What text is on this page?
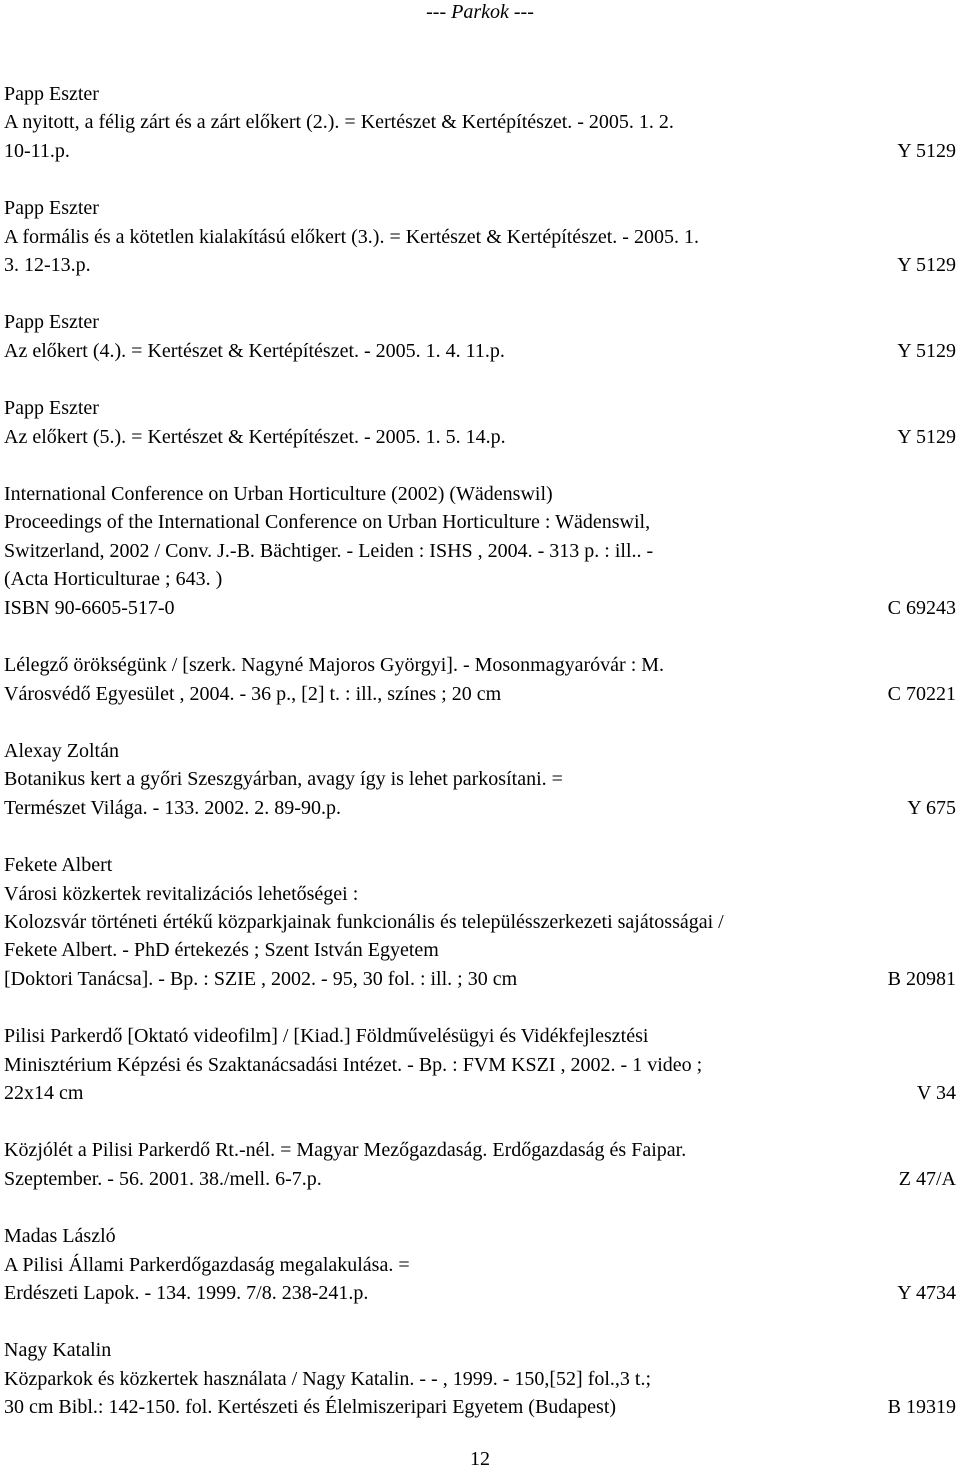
--- Parkok ---
Papp Eszter
A nyitott, a félig zárt és a zárt előkert (2.). = Kertészet & Kertépítészet. - 2005. 1. 2.
10-11.p.	Y 5129
Papp Eszter
A formális és a kötetlen kialakítású előkert (3.). = Kertészet & Kertépítészet. - 2005. 1.
3. 12-13.p.	Y 5129
Papp Eszter
Az előkert (4.). = Kertészet & Kertépítészet. - 2005. 1. 4. 11.p.	Y 5129
Papp Eszter
Az előkert (5.). = Kertészet & Kertépítészet. - 2005. 1. 5. 14.p.	Y 5129
International Conference on Urban Horticulture (2002) (Wädenswil)
Proceedings of the International Conference on Urban Horticulture : Wädenswil,
Switzerland, 2002 / Conv. J.-B. Bächtiger. - Leiden : ISHS , 2004. - 313 p. : ill.. -
(Acta Horticulturae ; 643. )
ISBN 90-6605-517-0	C 69243
Lélegző örökségünk / [szerk. Nagyné Majoros Györgyi]. - Mosonmagyaróvár : M.
Városvédő Egyesület , 2004. - 36 p., [2] t. : ill., színes ; 20 cm	C 70221
Alexay Zoltán
Botanikus kert a győri Szeszgyárban, avagy így is lehet parkosítani. =
Természet Világa. - 133. 2002. 2. 89-90.p.	Y 675
Fekete Albert
Városi közkertek revitalizációs lehetőségei :
Kolozsvár történeti értékű közparkjainak funkcionális és településszerkezeti sajátosságai /
Fekete Albert. - PhD értekezés ; Szent István Egyetem
[Doktori Tanácsa]. - Bp. : SZIE , 2002. - 95, 30 fol. : ill. ; 30 cm	B 20981
Pilisi Parkerdő [Oktató videofilm] / [Kiad.] Földművelésügyi és Vidékfejlesztési
Minisztérium Képzési és Szaktanácsadási Intézet. - Bp. : FVM KSZI , 2002. - 1 video ;
22x14 cm	V 34
Közjólét a Pilisi Parkerdő Rt.-nél. = Magyar Mezőgazdaság. Erdőgazdaság és Faipar.
Szeptember. - 56. 2001. 38./mell. 6-7.p.	Z 47/A
Madas László
A Pilisi Állami Parkerdőgazdaság megalakulása. =
Erdészeti Lapok. - 134. 1999. 7/8. 238-241.p.	Y 4734
Nagy Katalin
Közparkok és közkertek használata / Nagy Katalin. - - , 1999. - 150,[52] fol.,3 t.;
30 cm Bibl.: 142-150. fol. Kertészeti és Élelmiszeripari Egyetem (Budapest)	B 19319
12
